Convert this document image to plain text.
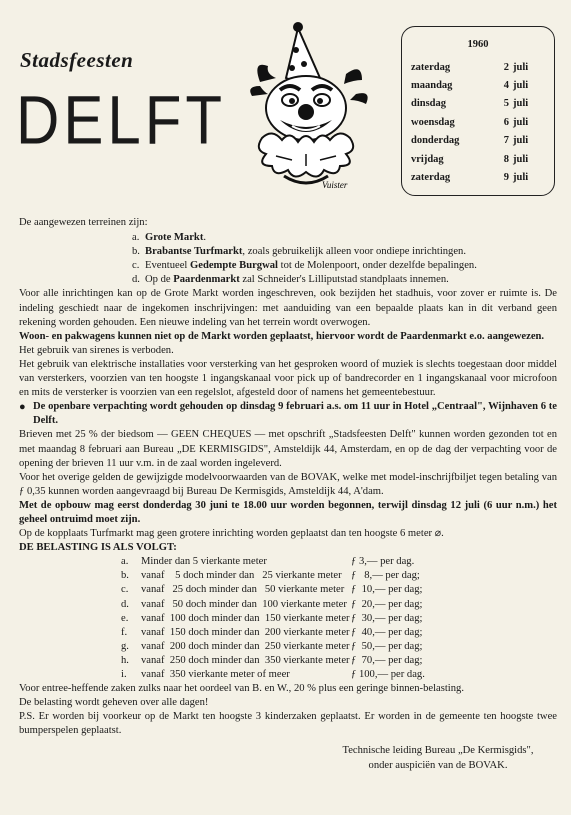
Stadsfeesten
DELFT
Vuister
1960
zaterdag	2 juli
maandag	4 juli
dinsdag	5 juli
woensdag	6 juli
donderdag	7 juli
vrijdag	8 juli
zaterdag	9 juli
De aangewezen terreinen zijn:
a. Grote Markt.
b. Brabantse Turfmarkt, zoals gebruikelijk alleen voor ondiepe inrichtingen.
c. Eventueel Gedempte Burgwal tot de Molenpoort, onder dezelfde bepalingen.
d. Op de Paardenmarkt zal Schneider's Lilliputstad standplaats innemen.
Voor alle inrichtingen kan op de Grote Markt worden ingeschreven, ook bezijden het stadhuis, voor zover er ruimte is. De indeling geschiedt naar de ingekomen inschrijvingen: met aanduiding van een bepaalde plaats kan in dit verband geen rekening worden gehouden. Een nieuwe indeling van het terrein wordt overwogen.
Woon- en pakwagens kunnen niet op de Markt worden geplaatst, hiervoor wordt de Paardenmarkt e.o. aangewezen.
Het gebruik van sirenes is verboden.
Het gebruik van elektrische installaties voor versterking van het gesproken woord of muziek is slechts toegestaan door middel van versterkers, voorzien van ten hoogste 1 ingangskanaal voor pick up of bandrecorder en 1 ingangskanaal voor microfoon en mits de versterker is voorzien van een regelslot, afgesteld door of namens het gemeentebestuur.
● De openbare verpachting wordt gehouden op dinsdag 9 februari a.s. om 11 uur in Hotel „Centraal", Wijnhaven 6 te Delft.
Brieven met 25 % der biedsom — GEEN CHEQUES — met opschrift „Stadsfeesten Delft" kunnen worden gezonden tot en met maandag 8 februari aan Bureau „DE KERMISGIDS", Amsteldijk 44, Amsterdam, en op de dag der verpachting voor de opening der brieven 11 uur v.m. in de zaal worden ingeleverd.
Voor het overige gelden de gewijzigde modelvoorwaarden van de BOVAK, welke met model-inschrijfbiljet tegen betaling van ƒ 0,35 kunnen worden aangevraagd bij Bureau De Kermisgids, Amsteldijk 44, A'dam.
Met de opbouw mag eerst donderdag 30 juni te 18.00 uur worden begonnen, terwijl dinsdag 12 juli (6 uur n.m.) het geheel ontruimd moet zijn.
Op de kopplaats Turfmarkt mag geen grotere inrichting worden geplaatst dan ten hoogste 6 meter ⌀.
DE BELASTING IS ALS VOLGT:
a.	Minder dan 5 vierkante meter	ƒ 3,— per dag.
b.	vanaf    5 doch minder dan   25 vierkante meter ƒ   8,— per dag;
c.	vanaf   25 doch minder dan   50 vierkante meter ƒ  10,— per dag;
d.	vanaf   50 doch minder dan  100 vierkante meter ƒ  20,— per dag;
e.	vanaf  100 doch minder dan  150 vierkante meter ƒ  30,— per dag;
f.	vanaf  150 doch minder dan  200 vierkante meter ƒ  40,— per dag;
g.	vanaf  200 doch minder dan  250 vierkante meter ƒ  50,— per dag;
h.	vanaf  250 doch minder dan  350 vierkante meter ƒ  70,— per dag;
i.	vanaf  350 vierkante meter of meer	ƒ 100,— per dag.
Voor entree-heffende zaken zulks naar het oordeel van B. en W., 20 % plus een geringe binnen-belasting.
De belasting wordt geheven over alle dagen!
P.S. Er worden bij voorkeur op de Markt ten hoogste 3 kinderzaken geplaatst. Er worden in de gemeente ten hoogste twee bumperspelen geplaatst.
Technische leiding Bureau „De Kermisgids",
onder auspiciën van de BOVAK.
